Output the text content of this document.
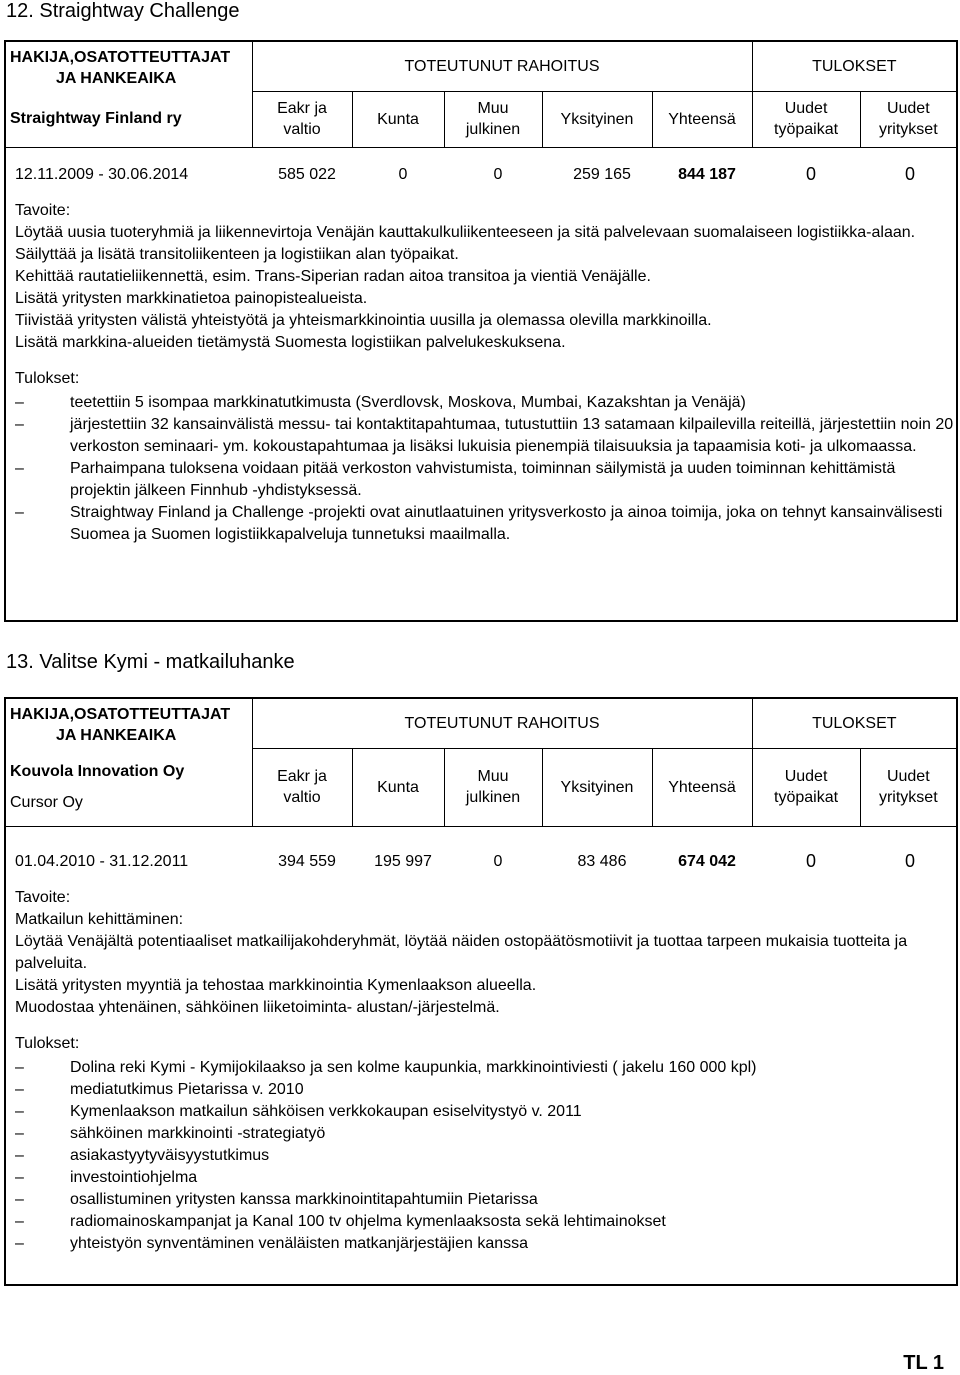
12. Straightway Challenge
HAKIJA,OSATOTTEUTTAJAT
JA HANKEAIKA	TOTEUTUNUT RAHOITUS					TULOKSET	

Straightway Finland ry	Eakr ja valtio	Kunta	Muu julkinen	Yksityinen	Yhteensä	Uudet työpaikat	Uudet yritykset
12.11.2009 - 30.06.2014	585 022	0	0	259 165	844 187	0	0

Tavoite:

Löytää uusia tuoteryhmiä ja liikennevirtoja Venäjän kauttakulkuliikenteeseen ja sitä palvelevaan suomalaiseen logistiikka-alaan.

Säilyttää ja lisätä transitoliikenteen ja logistiikan alan työpaikat.

Kehittää rautatieliikennettä, esim. Trans-Siperian radan aitoa transitoa ja vientiä Venäjälle.

Lisätä yritysten markkinatietoa painopistealueista.

Tiivistää yritysten välistä yhteistyötä ja yhteismarkkinointia uusilla ja olemassa olevilla markkinoilla.

Lisätä markkina-alueiden tietämystä Suomesta logistiikan palvelukeskuksena.

Tulokset:

–	teetettiin 5 isompaa markkinatutkimusta (Sverdlovsk, Moskova, Mumbai, Kazakshtan ja Venäjä)
–	järjestettiin 32 kansainvälistä messu- tai kontaktitapahtumaa, tutustuttiin 13 satamaan kilpailevilla reiteillä, järjestettiin noin 20 verkoston seminaari- ym. kokoustapahtumaa ja lisäksi lukuisia pienempiä tilaisuuksia ja tapaamisia koti- ja ulkomaassa.
–	Parhaimpana tuloksena voidaan pitää verkoston vahvistumista, toiminnan säilymistä ja uuden toiminnan kehittämistä projektin jälkeen Finnhub -yhdistyksessä.
–	Straightway Finland ja Challenge -projekti ovat ainutlaatuinen yritysverkosto ja ainoa toimija, joka on tehnyt kansainvälisesti Suomea ja Suomen logistiikkapalveluja tunnetuksi maailmalla.
13. Valitse Kymi - matkailuhanke
HAKIJA,OSATOTTEUTTAJAT
JA HANKEAIKA	TOTEUTUNUT RAHOITUS					TULOKSET	

Kouvola Innovation Oy
Cursor Oy	Eakr ja valtio	Kunta	Muu julkinen	Yksityinen	Yhteensä	Uudet työpaikat	Uudet yritykset
01.04.2010 - 31.12.2011	394 559	195 997	0	83 486	674 042	0	0

Tavoite:

Matkailun kehittäminen:

Löytää Venäjältä potentiaaliset matkailijakohderyhmät, löytää näiden ostopäätösmotiivit ja tuottaa tarpeen mukaisia tuotteita ja palveluita.

Lisätä yritysten myyntiä ja tehostaa markkinointia Kymenlaakson alueella.

Muodostaa yhtenäinen, sähköinen liiketoiminta- alustan/-järjestelmä.

Tulokset:

–	Dolina reki Kymi - Kymijokilaakso ja sen kolme kaupunkia, markkinointiviesti ( jakelu 160 000 kpl)
–	mediatutkimus Pietarissa v. 2010
–	Kymenlaakson matkailun sähköisen verkkokaupan esiselvitystyö v. 2011
–	sähköinen markkinointi -strategiatyö
–	asiakastyytyväisyystutkimus
–	investointiohjelma
–	osallistuminen yritysten kanssa markkinointitapahtumiin Pietarissa
–	radiomainoskampanjat ja Kanal 100 tv ohjelma kymenlaaksosta sekä lehtimainokset
–	yhteistyön synventäminen venäläisten matkanjärjestäjien kanssa
TL 1
